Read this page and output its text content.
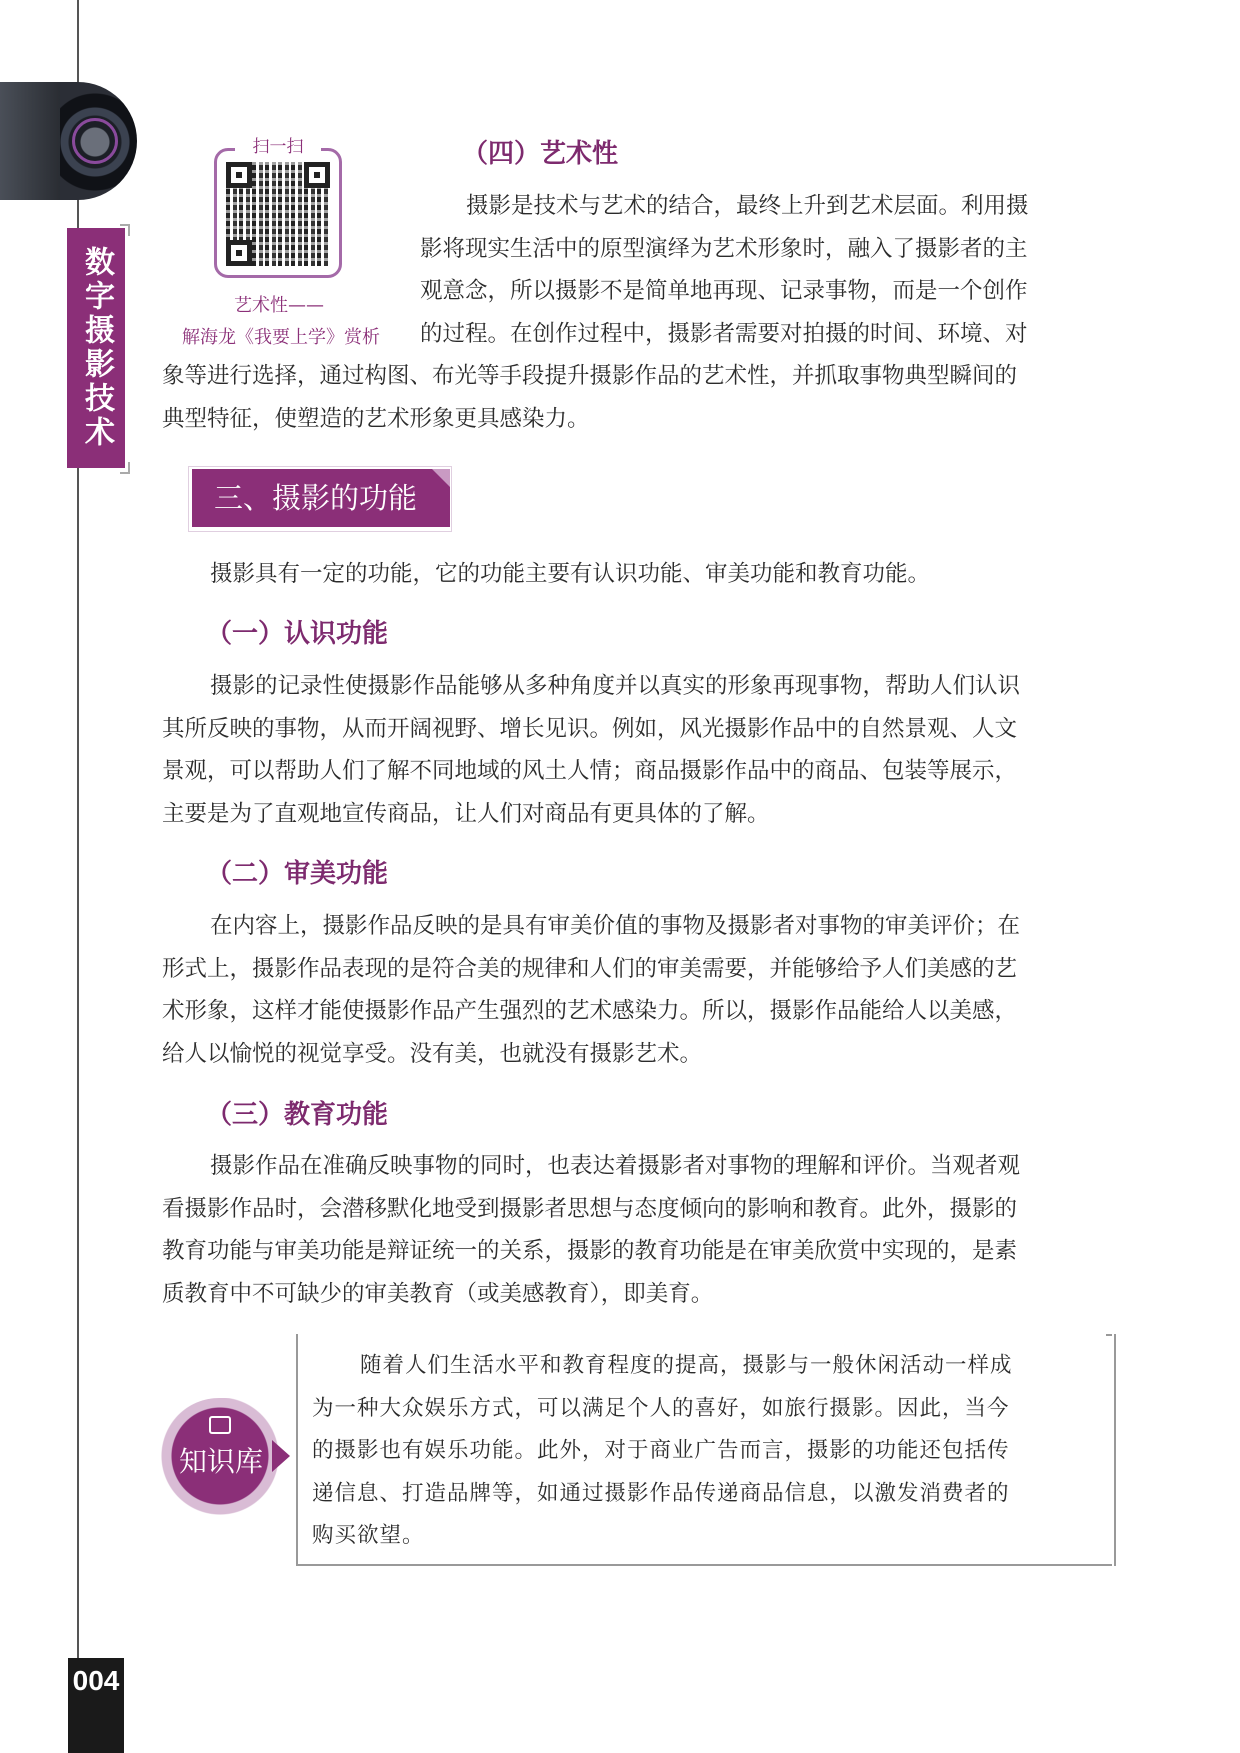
数字摄影技术
004
扫一扫
艺术性——
解海龙《我要上学》赏析
（四）艺术性
摄影是技术与艺术的结合，最终上升到艺术层面。利用摄
影将现实生活中的原型演绎为艺术形象时，融入了摄影者的主
观意念，所以摄影不是简单地再现、记录事物，而是一个创作
的过程。在创作过程中，摄影者需要对拍摄的时间、环境、对
象等进行选择，通过构图、布光等手段提升摄影作品的艺术性，并抓取事物典型瞬间的
典型特征，使塑造的艺术形象更具感染力。
三、摄影的功能
摄影具有一定的功能，它的功能主要有认识功能、审美功能和教育功能。
（一）认识功能
摄影的记录性使摄影作品能够从多种角度并以真实的形象再现事物，帮助人们认识
其所反映的事物，从而开阔视野、增长见识。例如，风光摄影作品中的自然景观、人文
景观，可以帮助人们了解不同地域的风土人情；商品摄影作品中的商品、包装等展示，
主要是为了直观地宣传商品，让人们对商品有更具体的了解。
（二）审美功能
在内容上，摄影作品反映的是具有审美价值的事物及摄影者对事物的审美评价；在
形式上，摄影作品表现的是符合美的规律和人们的审美需要，并能够给予人们美感的艺
术形象，这样才能使摄影作品产生强烈的艺术感染力。所以，摄影作品能给人以美感，
给人以愉悦的视觉享受。没有美，也就没有摄影艺术。
（三）教育功能
摄影作品在准确反映事物的同时，也表达着摄影者对事物的理解和评价。当观者观
看摄影作品时，会潜移默化地受到摄影者思想与态度倾向的影响和教育。此外，摄影的
教育功能与审美功能是辩证统一的关系，摄影的教育功能是在审美欣赏中实现的，是素
质教育中不可缺少的审美教育（或美感教育），即美育。
知识库
随着人们生活水平和教育程度的提高，摄影与一般休闲活动一样成
为一种大众娱乐方式，可以满足个人的喜好，如旅行摄影。因此，当今
的摄影也有娱乐功能。此外，对于商业广告而言，摄影的功能还包括传
递信息、打造品牌等，如通过摄影作品传递商品信息，以激发消费者的
购买欲望。
